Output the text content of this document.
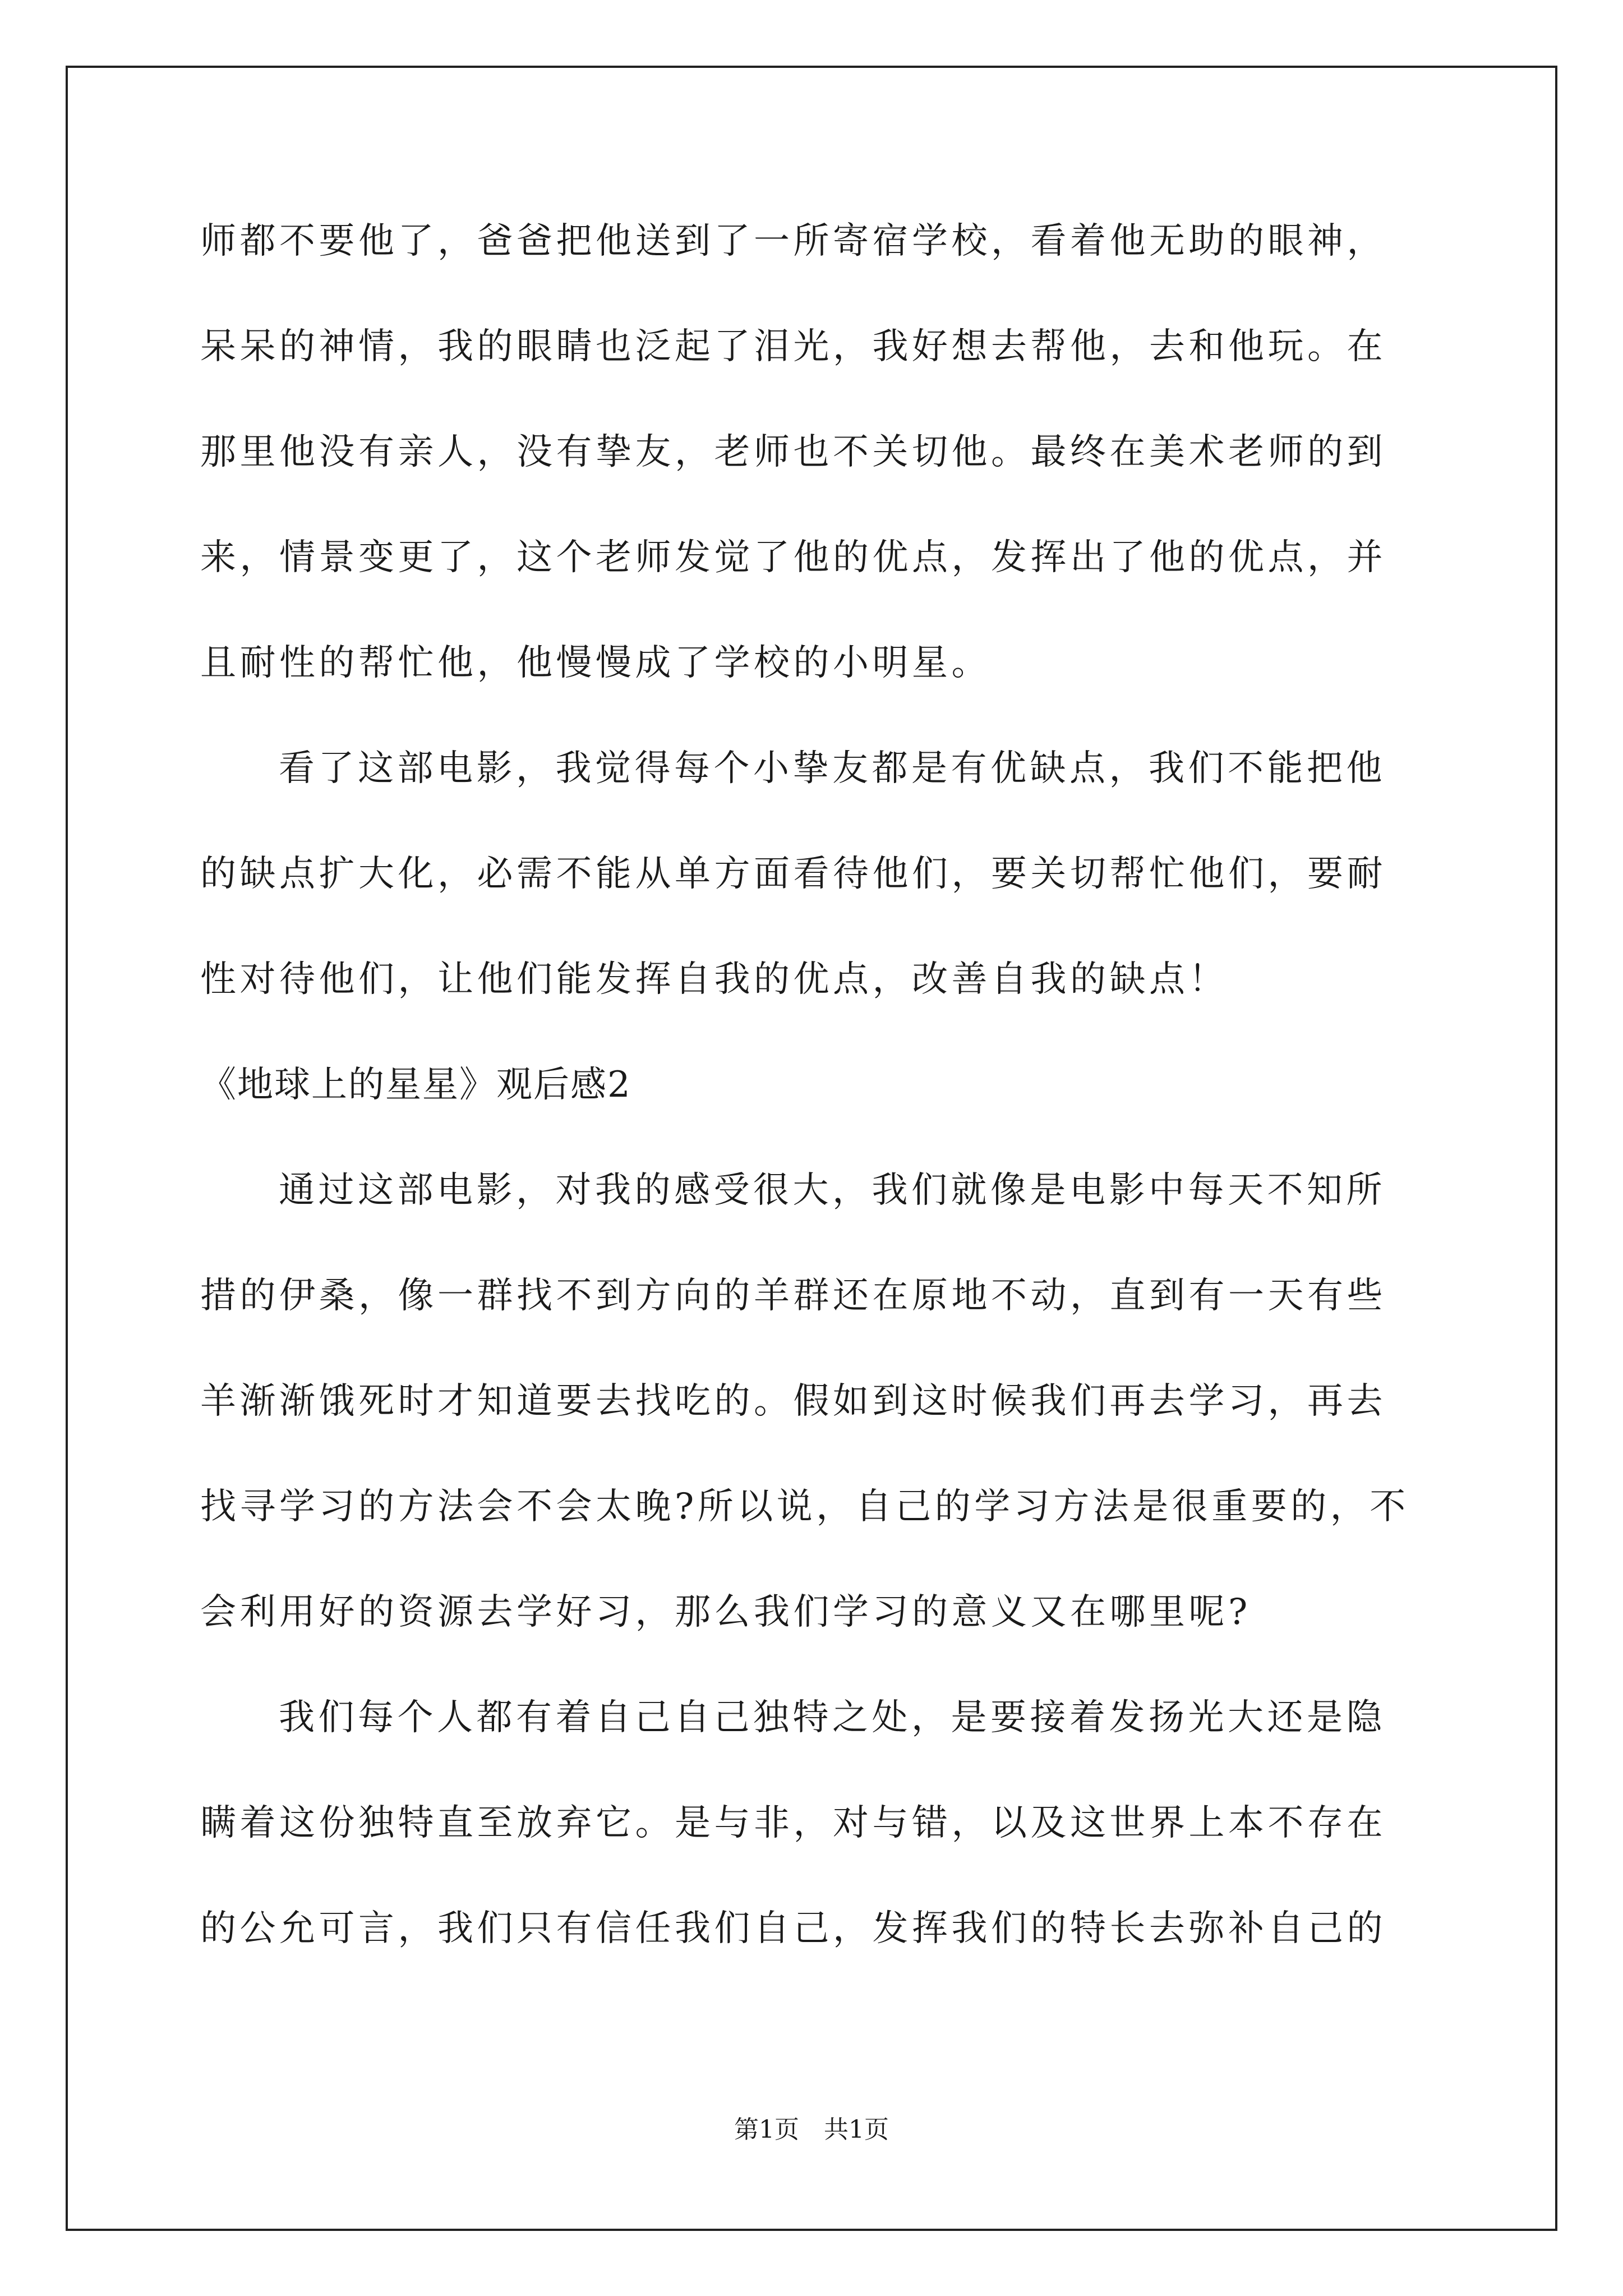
师都不要他了，爸爸把他送到了一所寄宿学校，看着他无助的眼神，
呆呆的神情，我的眼睛也泛起了泪光，我好想去帮他，去和他玩。在
那里他没有亲人，没有挚友，老师也不关切他。最终在美术老师的到
来，情景变更了，这个老师发觉了他的优点，发挥出了他的优点，并
且耐性的帮忙他，他慢慢成了学校的小明星。
看了这部电影，我觉得每个小挚友都是有优缺点，我们不能把他
的缺点扩大化，必需不能从单方面看待他们，要关切帮忙他们，要耐
性对待他们，让他们能发挥自我的优点，改善自我的缺点！
《地球上的星星》观后感2
通过这部电影，对我的感受很大，我们就像是电影中每天不知所
措的伊桑，像一群找不到方向的羊群还在原地不动，直到有一天有些
羊渐渐饿死时才知道要去找吃的。假如到这时候我们再去学习，再去
找寻学习的方法会不会太晚?所以说，自己的学习方法是很重要的，不
会利用好的资源去学好习，那么我们学习的意义又在哪里呢?
我们每个人都有着自己自己独特之处，是要接着发扬光大还是隐
瞒着这份独特直至放弃它。是与非，对与错，以及这世界上本不存在
的公允可言，我们只有信任我们自己，发挥我们的特长去弥补自己的
第1页　共1页
